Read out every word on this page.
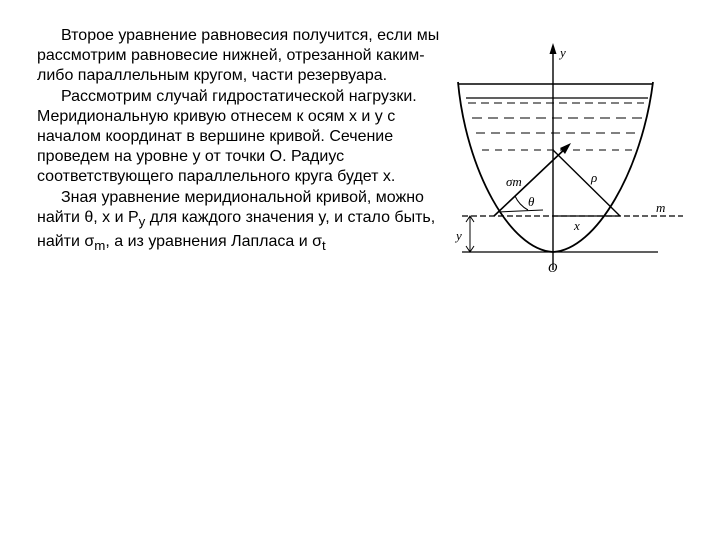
Второе уравнение равновесия получится, если мы рассмотрим равновесие нижней, отрезанной каким-либо параллельным кругом, части резервуара.

Рассмотрим случай гидростатической нагрузки. Меридиональную кривую отнесем к осям x и y с началом координат в вершине кривой. Сечение проведем на уровне y от точки О. Радиус соответствующего параллельного круга будет x.

Зная уравнение меридиональной кривой, можно найти θ, x и $P_y$ для каждого значения y, и стало быть, найти $\sigma_m$, а из уравнения Лапласа и $\sigma_t$

y
m
y
x
ρ
σm
θ
O
